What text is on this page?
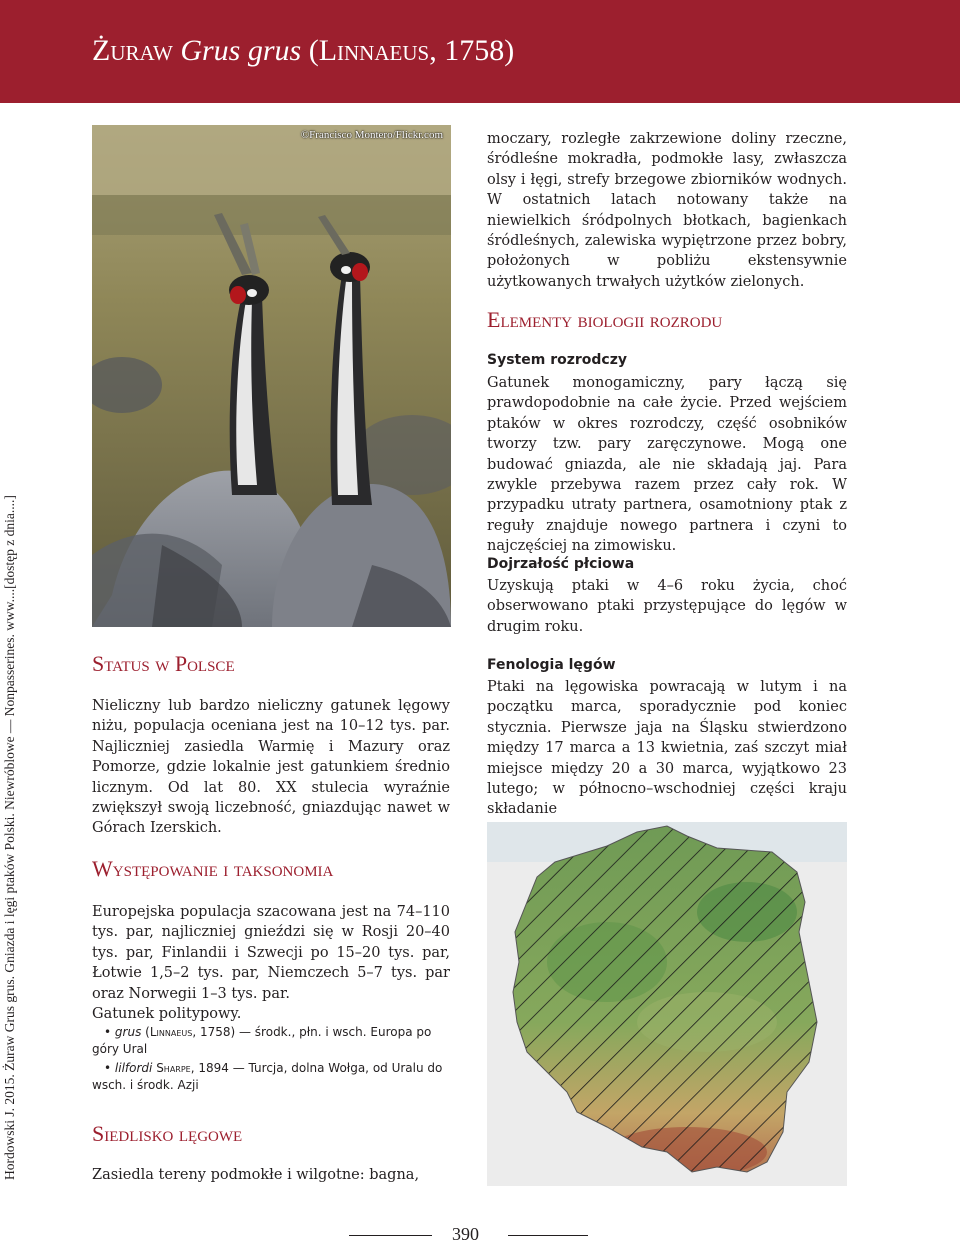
Żuraw Grus grus (Linnaeus, 1758)
Hordowski J. 2015. Żuraw Grus grus. Gniazda i lęgi ptaków Polski. Niewróblowe — Nonpasserines. www....[dostęp z dnia....]
©Francisco Montero/Flickr.com
Status w Polsce
Nieliczny lub bardzo nieliczny gatunek lęgowy niżu, populacja oceniana jest na 10–12 tys. par. Najliczniej zasiedla Warmię i Mazury oraz Pomorze, gdzie lokalnie jest gatunkiem średnio licznym. Od lat 80. XX stulecia wyraźnie zwiększył swoją liczebność, gniazdując nawet w Górach Izerskich.
Występowanie i taksonomia
Europejska populacja szacowana jest na 74–110 tys. par, najliczniej gnieździ się w Rosji 20–40 tys. par, Finlandii i Szwecji po 15–20 tys. par, Łotwie 1,5–2 tys. par, Niemczech 5–7 tys. par oraz Norwegii 1–3 tys. par.
Gatunek politypowy.
• grus (Linnaeus, 1758) — środk., płn. i wsch. Europa po góry Ural
• lilfordi Sharpe, 1894 — Turcja, dolna Wołga, od Uralu do wsch. i środk. Azji
Siedlisko lęgowe
Zasiedla tereny podmokłe i wilgotne: bagna,
moczary, rozległe zakrzewione doliny rzeczne, śródleśne mokradła, podmokłe lasy, zwłaszcza olsy i łęgi, strefy brzegowe zbiorników wodnych. W ostatnich latach notowany także na niewielkich śródpolnych błotkach, bagienkach śródleśnych, zalewiska wypiętrzone przez bobry, położonych w pobliżu ekstensywnie użytkowanych trwałych użytków zielonych.
Elementy biologii rozrodu
System rozrodczy
Gatunek monogamiczny, pary łączą się prawdopodobnie na całe życie. Przed wejściem ptaków w okres rozrodczy, część osobników tworzy tzw. pary zaręczynowe. Mogą one budować gniazda, ale nie składają jaj. Para zwykle przebywa razem przez cały rok. W przypadku utraty partnera, osamotniony ptak z reguły znajduje nowego partnera i czyni to najczęściej na zimowisku.
Dojrzałość płciowa
Uzyskują ptaki w 4–6 roku życia, choć obserwowano ptaki przystępujące do lęgów w drugim roku.
Fenologia lęgów
Ptaki na lęgowiska powracają w lutym i na początku marca, sporadycznie pod koniec stycznia. Pierwsze jaja na Śląsku stwierdzono między 17 marca a 13 kwietnia, zaś szczyt miał miejsce między 20 a 30 marca, wyjątkowo 23 lutego; w północno–wschodniej części kraju składanie
390
